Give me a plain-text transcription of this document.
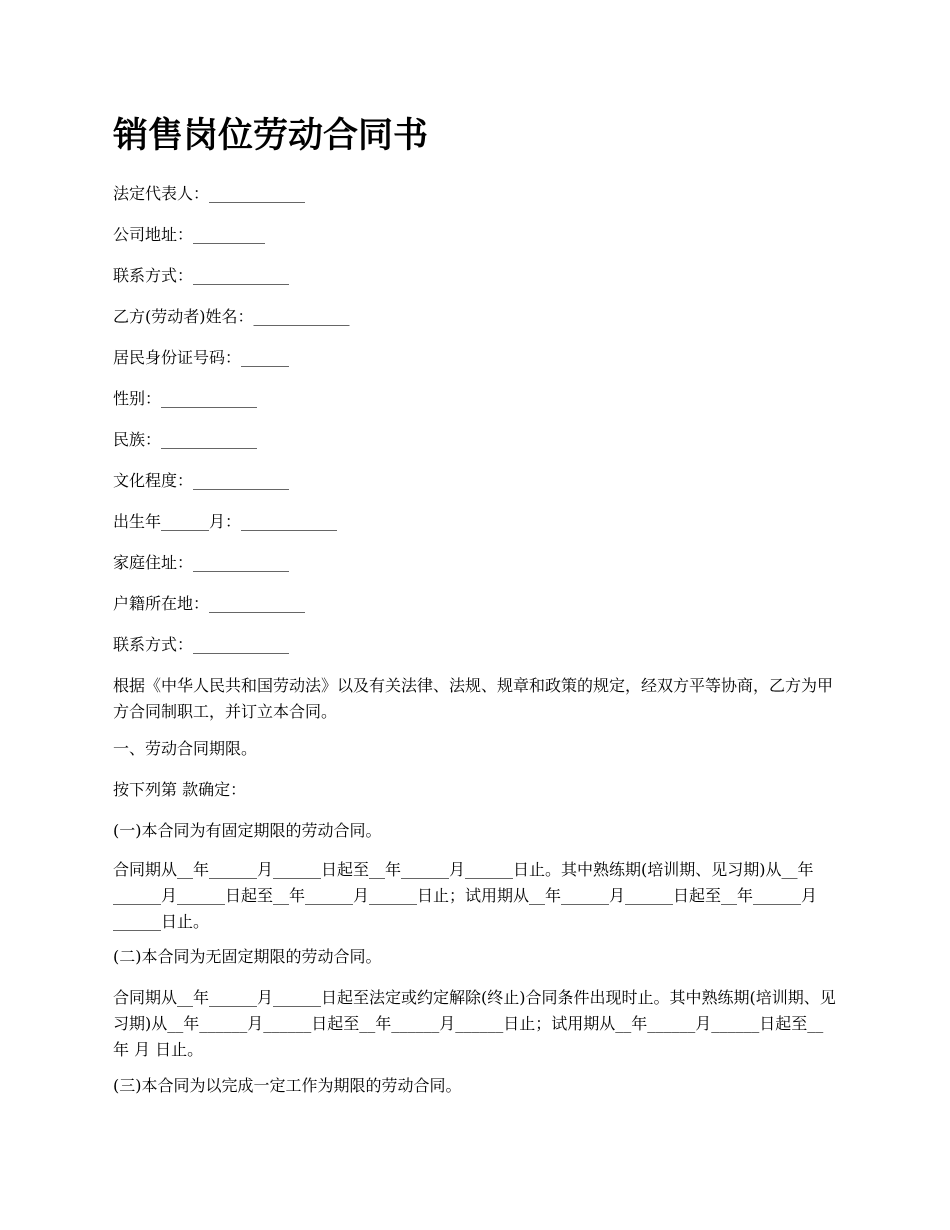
销售岗位劳动合同书

法定代表人：____________

公司地址：_________

联系方式：____________

乙方(劳动者)姓名：____________

居民身份证号码：______

性别：____________

民族：____________

文化程度：____________

出生年______月：____________

家庭住址：____________

户籍所在地：____________

联系方式：____________

根据《中华人民共和国劳动法》以及有关法律、法规、规章和政策的规定，经双方平等协商，乙方为甲方合同制职工，并订立本合同。

一、劳动合同期限。

按下列第 款确定：

(一)本合同为有固定期限的劳动合同。

合同期从__年______月______日起至__年______月______日止。其中熟练期(培训期、见习期)从__年______月______日起至__年______月______日止；试用期从__年______月______日起至__年______月______日止。

(二)本合同为无固定期限的劳动合同。

合同期从__年______月______日起至法定或约定解除(终止)合同条件出现时止。其中熟练期(培训期、见习期)从__年______月______日起至__年______月______日止；试用期从__年______月______日起至__年 月 日止。

(三)本合同为以完成一定工作为期限的劳动合同。
